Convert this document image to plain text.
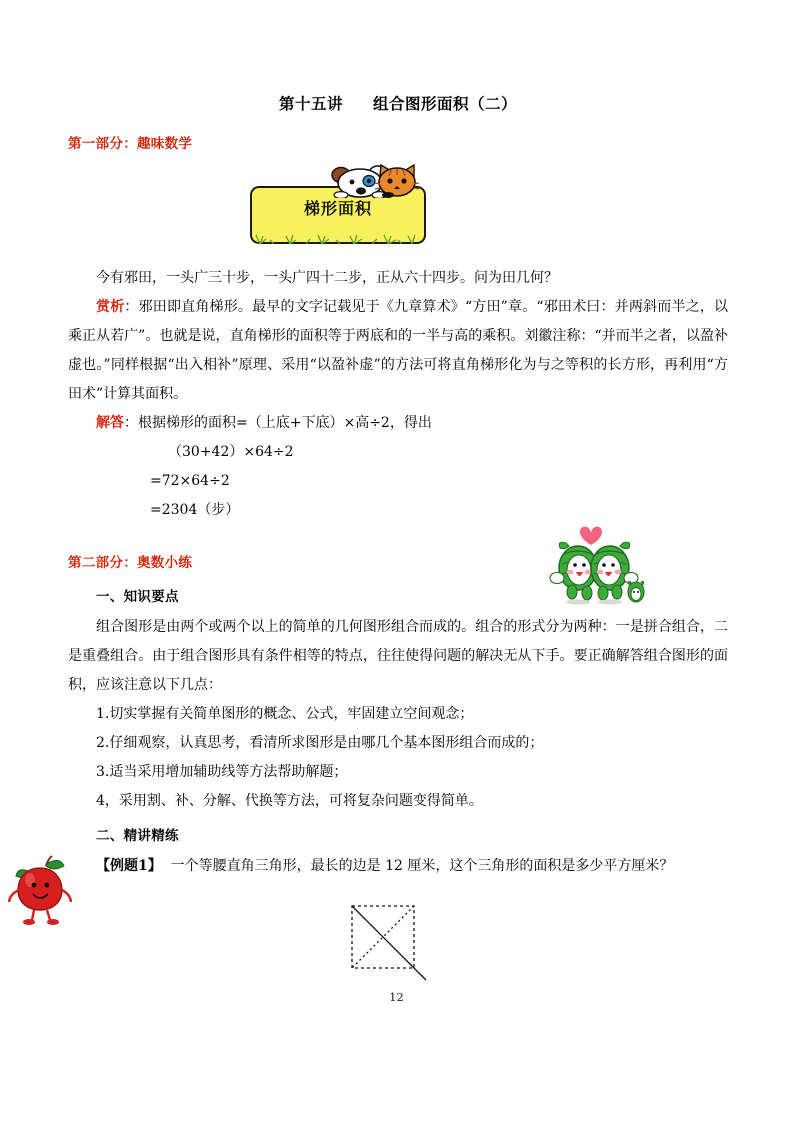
第十五讲 组合图形面积（二）
第一部分：趣味数学
梯形面积

今有邪田，一头广三十步，一头广四十二步，正从六十四步。问为田几何？

赏析：邪田即直角梯形。最早的文字记载见于《九章算术》“方田”章。“邪田术曰：并两斜而半之，以乘正从若广”。也就是说，直角梯形的面积等于两底和的一半与高的乘积。刘徽注称：“并而半之者，以盈补虚也。”同样根据“出入相补”原理、采用“以盈补虚”的方法可将直角梯形化为与之等积的长方形，再利用“方田术”计算其面积。

解答：根据梯形的面积=（上底+下底）×高÷2，得出

（30+42）×64÷2
=72×64÷2
=2304（步）
第二部分：奥数小练
一、知识要点

组合图形是由两个或两个以上的简单的几何图形组合而成的。组合的形式分为两种：一是拼合组合，二是重叠组合。由于组合图形具有条件相等的特点，往往使得问题的解决无从下手。要正确解答组合图形的面积，应该注意以下几点：

1.切实掌握有关简单图形的概念、公式，牢固建立空间观念；

2.仔细观察，认真思考，看清所求图形是由哪几个基本图形组合而成的；

3.适当采用增加辅助线等方法帮助解题；

4，采用割、补、分解、代换等方法，可将复杂问题变得简单。

二、精讲精练

【例题1】 一个等腰直角三角形，最长的边是 12 厘米，这个三角形的面积是多少平方厘米？

12
